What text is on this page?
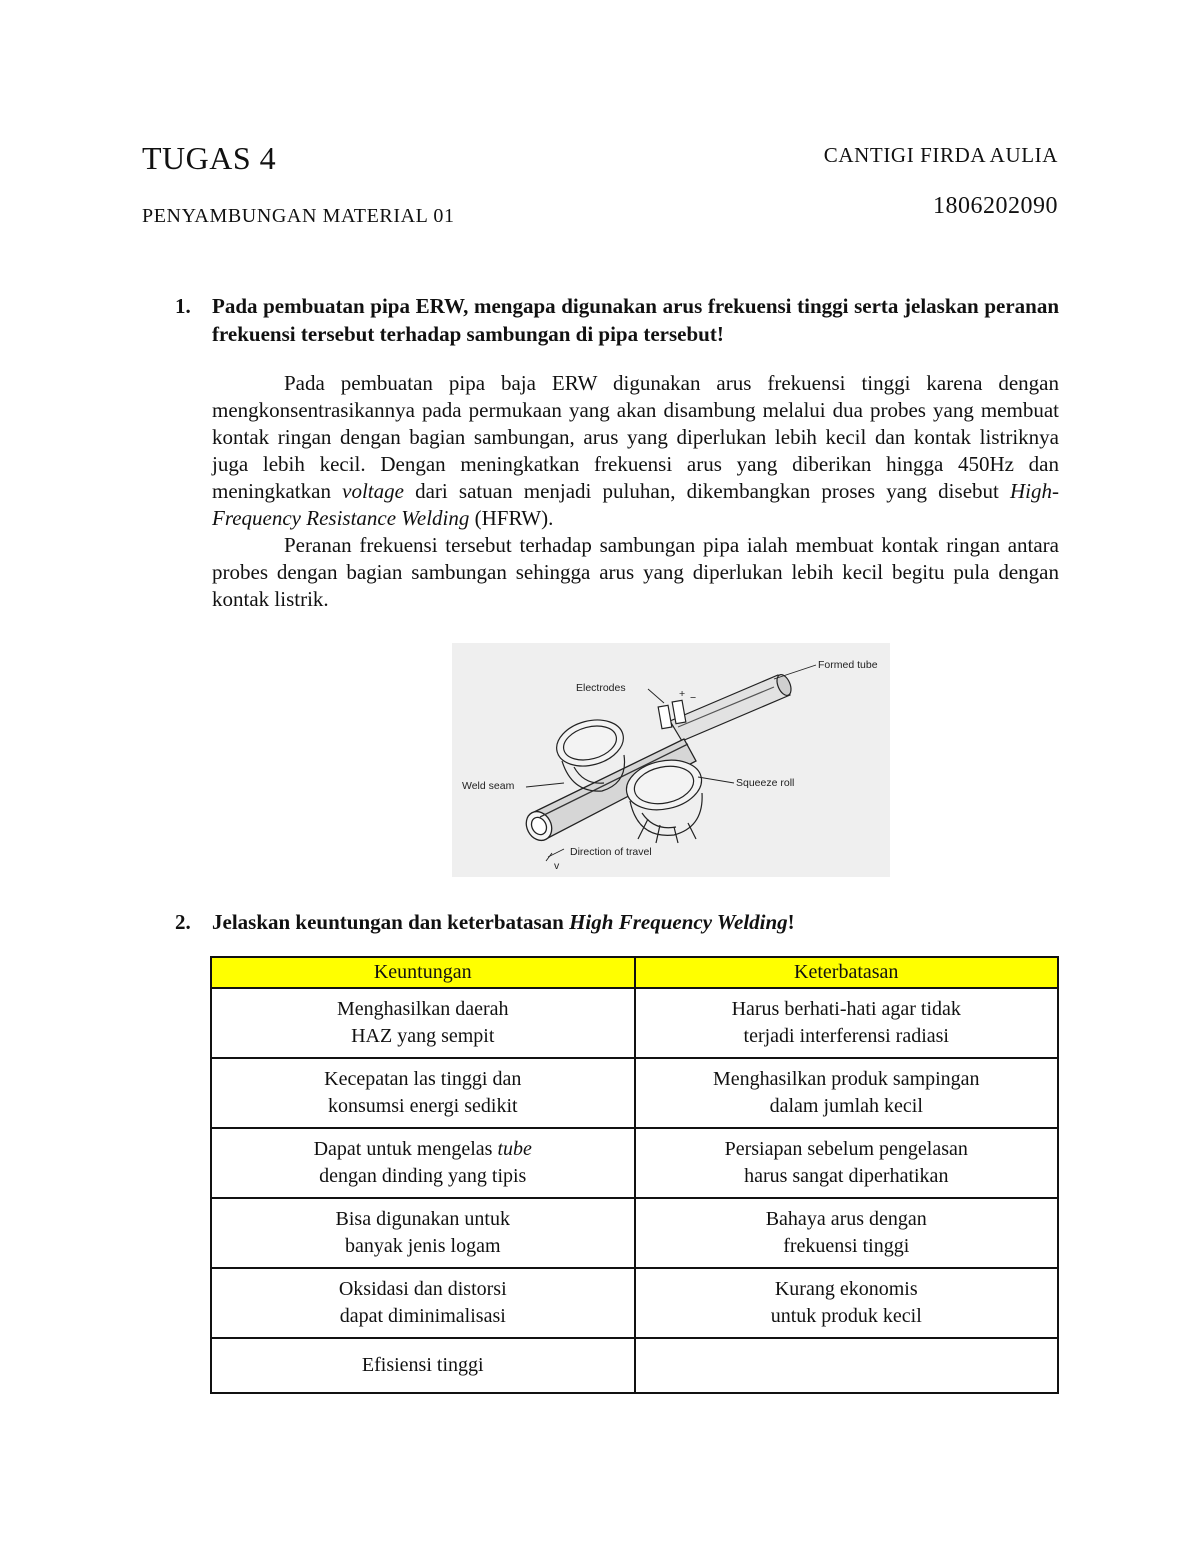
TUGAS 4
PENYAMBUNGAN MATERIAL 01
CANTIGI FIRDA AULIA
1806202090
1. Pada pembuatan pipa ERW, mengapa digunakan arus frekuensi tinggi serta jelaskan peranan frekuensi tersebut terhadap sambungan di pipa tersebut!

Pada pembuatan pipa baja ERW digunakan arus frekuensi tinggi karena dengan mengkonsentrasikannya pada permukaan yang akan disambung melalui dua probes yang membuat kontak ringan dengan bagian sambungan, arus yang diperlukan lebih kecil dan kontak listriknya juga lebih kecil. Dengan meningkatkan frekuensi arus yang diberikan hingga 450Hz dan meningkatkan voltage dari satuan menjadi puluhan, dikembangkan proses yang disebut High-Frequency Resistance Welding (HFRW).

Peranan frekuensi tersebut terhadap sambungan pipa ialah membuat kontak ringan antara probes dengan bagian sambungan sehingga arus yang diperlukan lebih kecil begitu pula dengan kontak listrik.

+ −
Formed tube
Electrodes
Weld seam	Squeeze roll
Direction of travel
v
2. Jelaskan keuntungan dan keterbatasan High Frequency Welding!
Keuntungan	Keterbatasan

Menghasilkan daerah
HAZ yang sempit	Harus berhati-hati agar tidak
terjadi interferensi radiasi

Kecepatan las tinggi dan
konsumsi energi sedikit	Menghasilkan produk sampingan
dalam jumlah kecil

Dapat untuk mengelas tube
dengan dinding yang tipis	Persiapan sebelum pengelasan
harus sangat diperhatikan

Bisa digunakan untuk
banyak jenis logam	Bahaya arus dengan
frekuensi tinggi

Oksidasi dan distorsi
dapat diminimalisasi	Kurang ekonomis
untuk produk kecil

Efisiensi tinggi	
